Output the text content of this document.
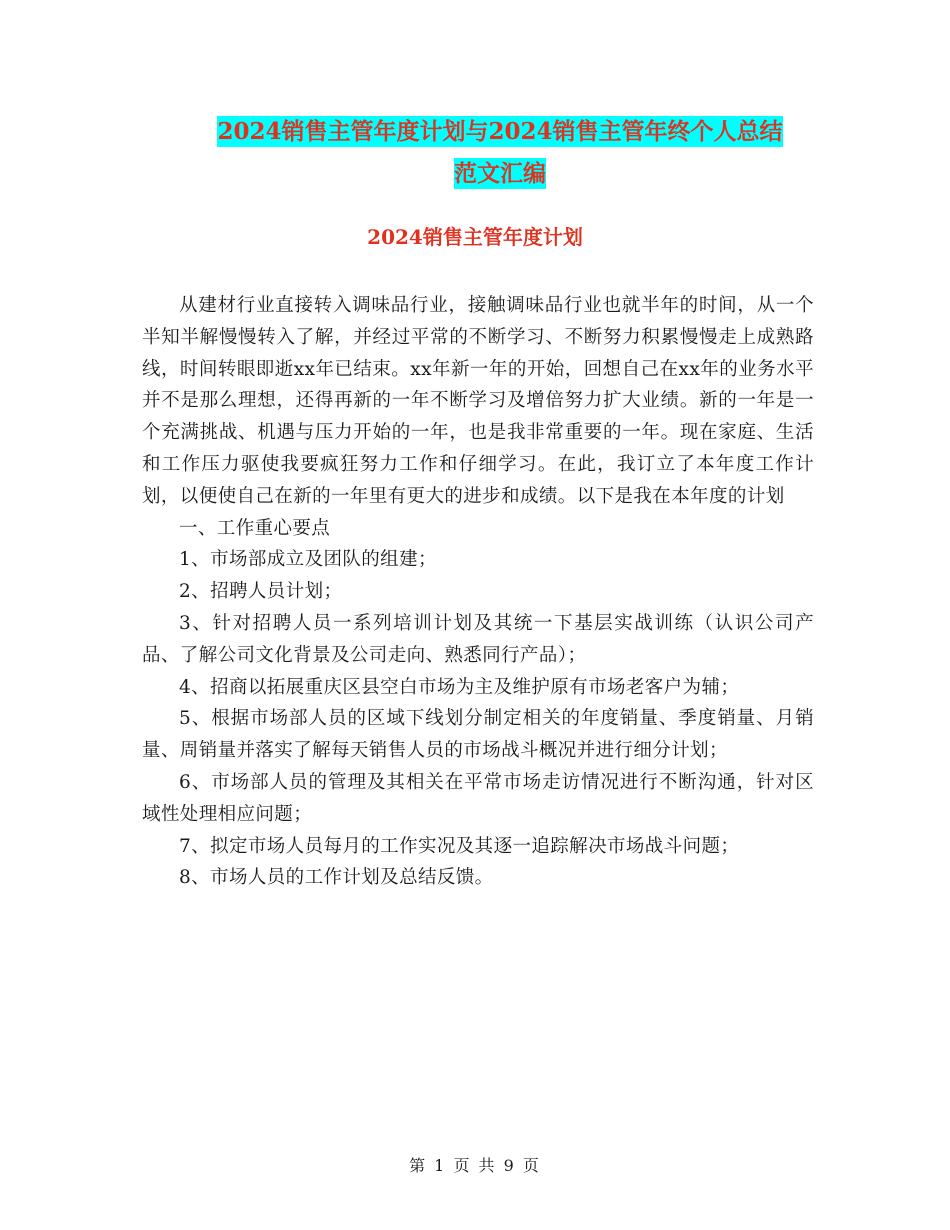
2024销售主管年度计划与2024销售主管年终个人总结
范文汇编
2024销售主管年度计划

从建材行业直接转入调味品行业，接触调味品行业也就半年的时间，从一个半知半解慢慢转入了解，并经过平常的不断学习、不断努力积累慢慢走上成熟路线，时间转眼即逝xx年已结束。xx年新一年的开始，回想自己在xx年的业务水平并不是那么理想，还得再新的一年不断学习及增倍努力扩大业绩。新的一年是一个充满挑战、机遇与压力开始的一年，也是我非常重要的一年。现在家庭、生活和工作压力驱使我要疯狂努力工作和仔细学习。在此，我订立了本年度工作计划，以便使自己在新的一年里有更大的进步和成绩。以下是我在本年度的计划

一、工作重心要点

1、市场部成立及团队的组建；

2、招聘人员计划；

3、针对招聘人员一系列培训计划及其统一下基层实战训练（认识公司产品、了解公司文化背景及公司走向、熟悉同行产品）；

4、招商以拓展重庆区县空白市场为主及维护原有市场老客户为辅；

5、根据市场部人员的区域下线划分制定相关的年度销量、季度销量、月销量、周销量并落实了解每天销售人员的市场战斗概况并进行细分计划；

6、市场部人员的管理及其相关在平常市场走访情况进行不断沟通，针对区域性处理相应问题；

7、拟定市场人员每月的工作实况及其逐一追踪解决市场战斗问题；

8、市场人员的工作计划及总结反馈。

第 1 页 共 9 页
